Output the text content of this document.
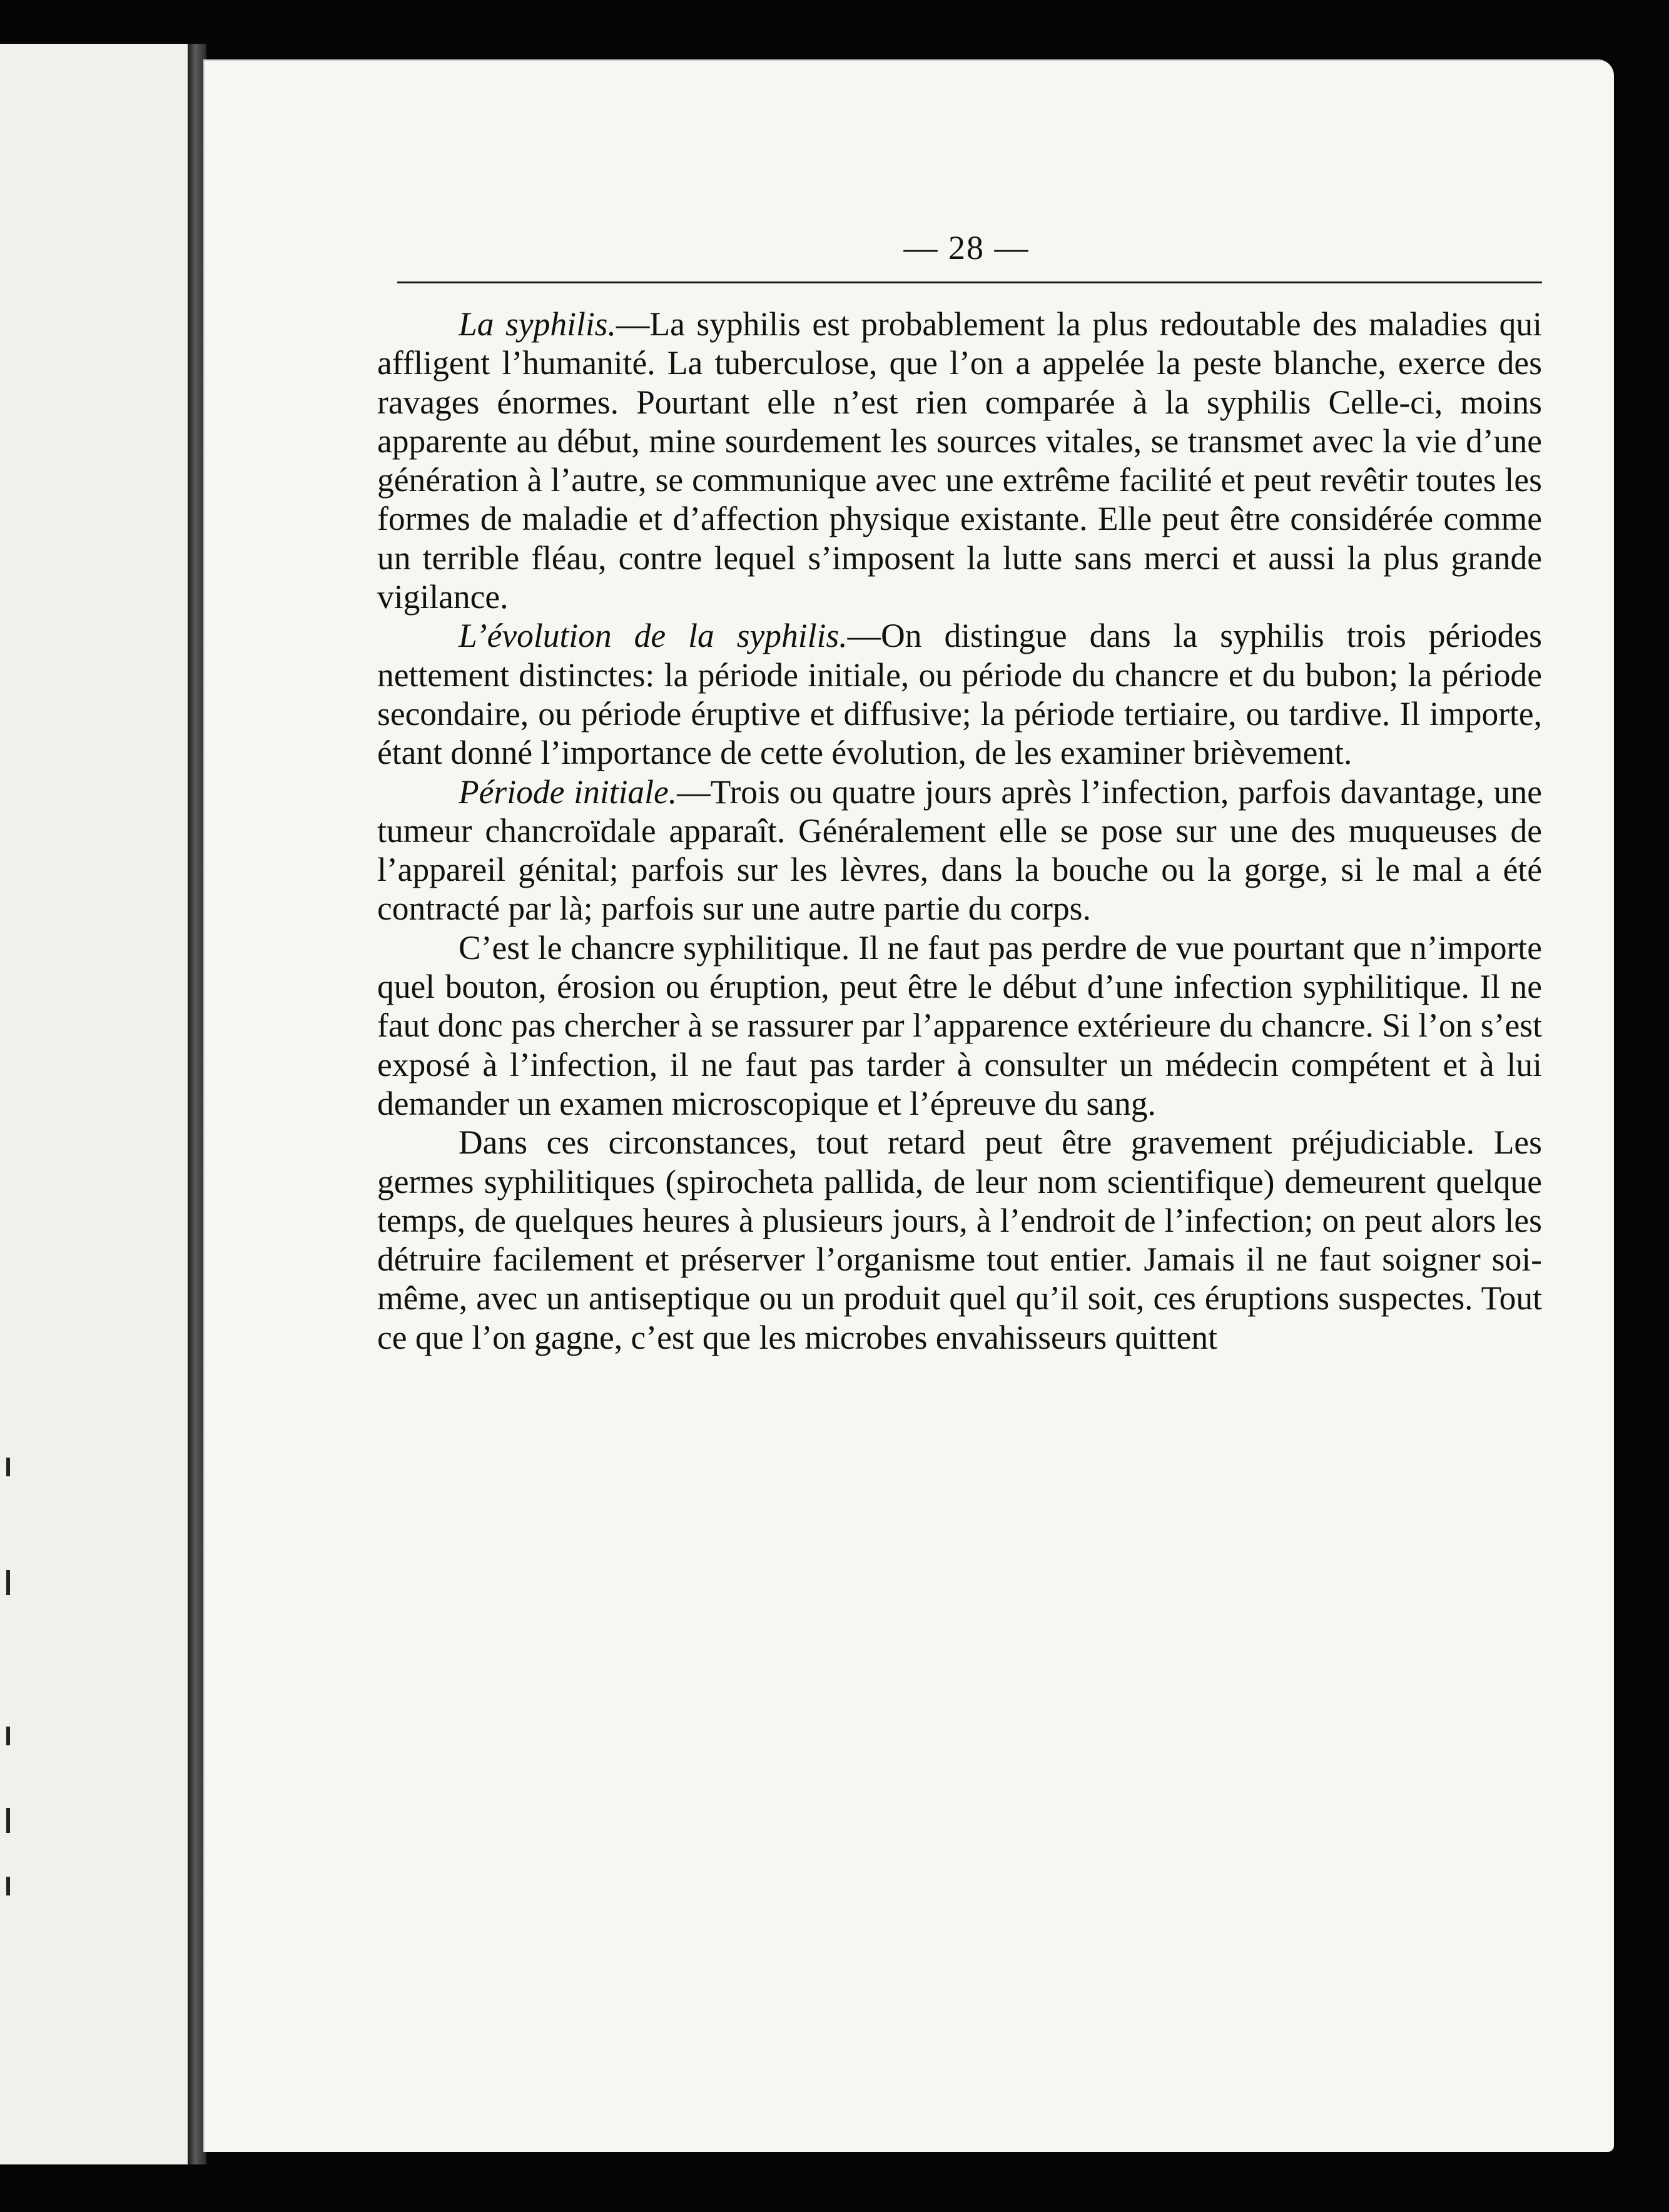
— 28 —

La syphilis.—La syphilis est probablement la plus redoutable des maladies qui affligent l’humanité. La tuberculose, que l’on a appelée la peste blanche, exerce des ravages énormes. Pourtant elle n’est rien comparée à la syphilis Celle-ci, moins apparente au début, mine sourdement les sources vitales, se transmet avec la vie d’une génération à l’autre, se communique avec une extrême facilité et peut revêtir toutes les formes de maladie et d’affection physique existante. Elle peut être considérée comme un terrible fléau, contre lequel s’imposent la lutte sans merci et aussi la plus grande vigilance.

L’évolution de la syphilis.—On distingue dans la syphilis trois périodes nettement distinctes: la période initiale, ou période du chancre et du bubon; la période secondaire, ou période éruptive et diffusive; la période tertiaire, ou tardive. Il importe, étant donné l’importance de cette évolution, de les examiner brièvement.

Période initiale.—Trois ou quatre jours après l’infection, parfois davantage, une tumeur chancroïdale apparaît. Généralement elle se pose sur une des muqueuses de l’appareil génital; parfois sur les lèvres, dans la bouche ou la gorge, si le mal a été contracté par là; parfois sur une autre partie du corps.

C’est le chancre syphilitique. Il ne faut pas perdre de vue pourtant que n’importe quel bouton, érosion ou éruption, peut être le début d’une infection syphilitique. Il ne faut donc pas chercher à se rassurer par l’apparence extérieure du chancre. Si l’on s’est exposé à l’infection, il ne faut pas tarder à consulter un médecin compétent et à lui demander un examen microscopique et l’épreuve du sang.

Dans ces circonstances, tout retard peut être gravement préjudiciable. Les germes syphilitiques (spirocheta pallida, de leur nom scientifique) demeurent quelque temps, de quelques heures à plusieurs jours, à l’endroit de l’infection; on peut alors les détruire facilement et préserver l’organisme tout entier. Jamais il ne faut soigner soi-même, avec un antiseptique ou un produit quel qu’il soit, ces éruptions suspectes. Tout ce que l’on gagne, c’est que les microbes envahisseurs quittent
